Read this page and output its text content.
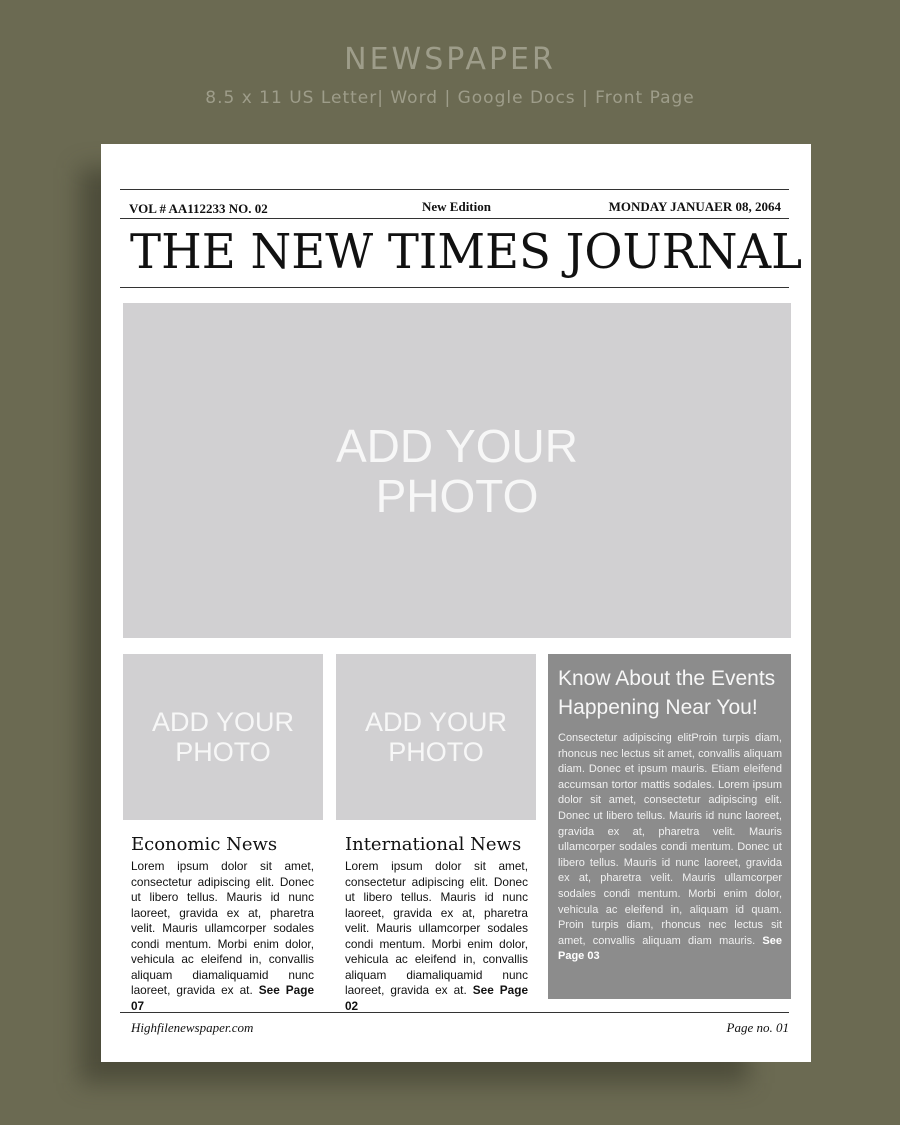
NEWSPAPER
8.5 x 11 US Letter| Word | Google Docs | Front Page
VOL # AA112233 NO. 02	New Edition	MONDAY JANUAER 08, 2064
THE NEW TIMES JOURNAL
ADD YOUR
PHOTO
ADD YOUR
PHOTO
ADD YOUR
PHOTO
Economic News
Lorem ipsum dolor sit amet, consectetur adipiscing elit. Donec ut libero tellus. Mauris id nunc laoreet, gravida ex at, pharetra velit. Mauris ullamcorper sodales condi mentum. Morbi enim dolor, vehicula ac eleifend in, convallis aliquam diamaliquamid nunc laoreet, gravida ex at. See Page 07
International News
Lorem ipsum dolor sit amet, consectetur adipiscing elit. Donec ut libero tellus. Mauris id nunc laoreet, gravida ex at, pharetra velit. Mauris ullamcorper sodales condi mentum. Morbi enim dolor, vehicula ac eleifend in, convallis aliquam diamaliquamid nunc laoreet, gravida ex at. See Page 02
Know About the Events Happening Near You!
Consectetur adipiscing elitProin turpis diam, rhoncus nec lectus sit amet, convallis aliquam diam. Donec et ipsum mauris. Etiam eleifend accumsan tortor mattis sodales. Lorem ipsum dolor sit amet, consectetur adipiscing elit. Donec ut libero tellus. Mauris id nunc laoreet, gravida ex at, pharetra velit. Mauris ullamcorper sodales condi mentum. Donec ut libero tellus. Mauris id nunc laoreet, gravida ex at, pharetra velit. Mauris ullamcorper sodales condi mentum. Morbi enim dolor, vehicula ac eleifend in, aliquam id quam. Proin turpis diam, rhoncus nec lectus sit amet, convallis aliquam diam mauris. See Page 03
Highfilenewspaper.com	Page no. 01
